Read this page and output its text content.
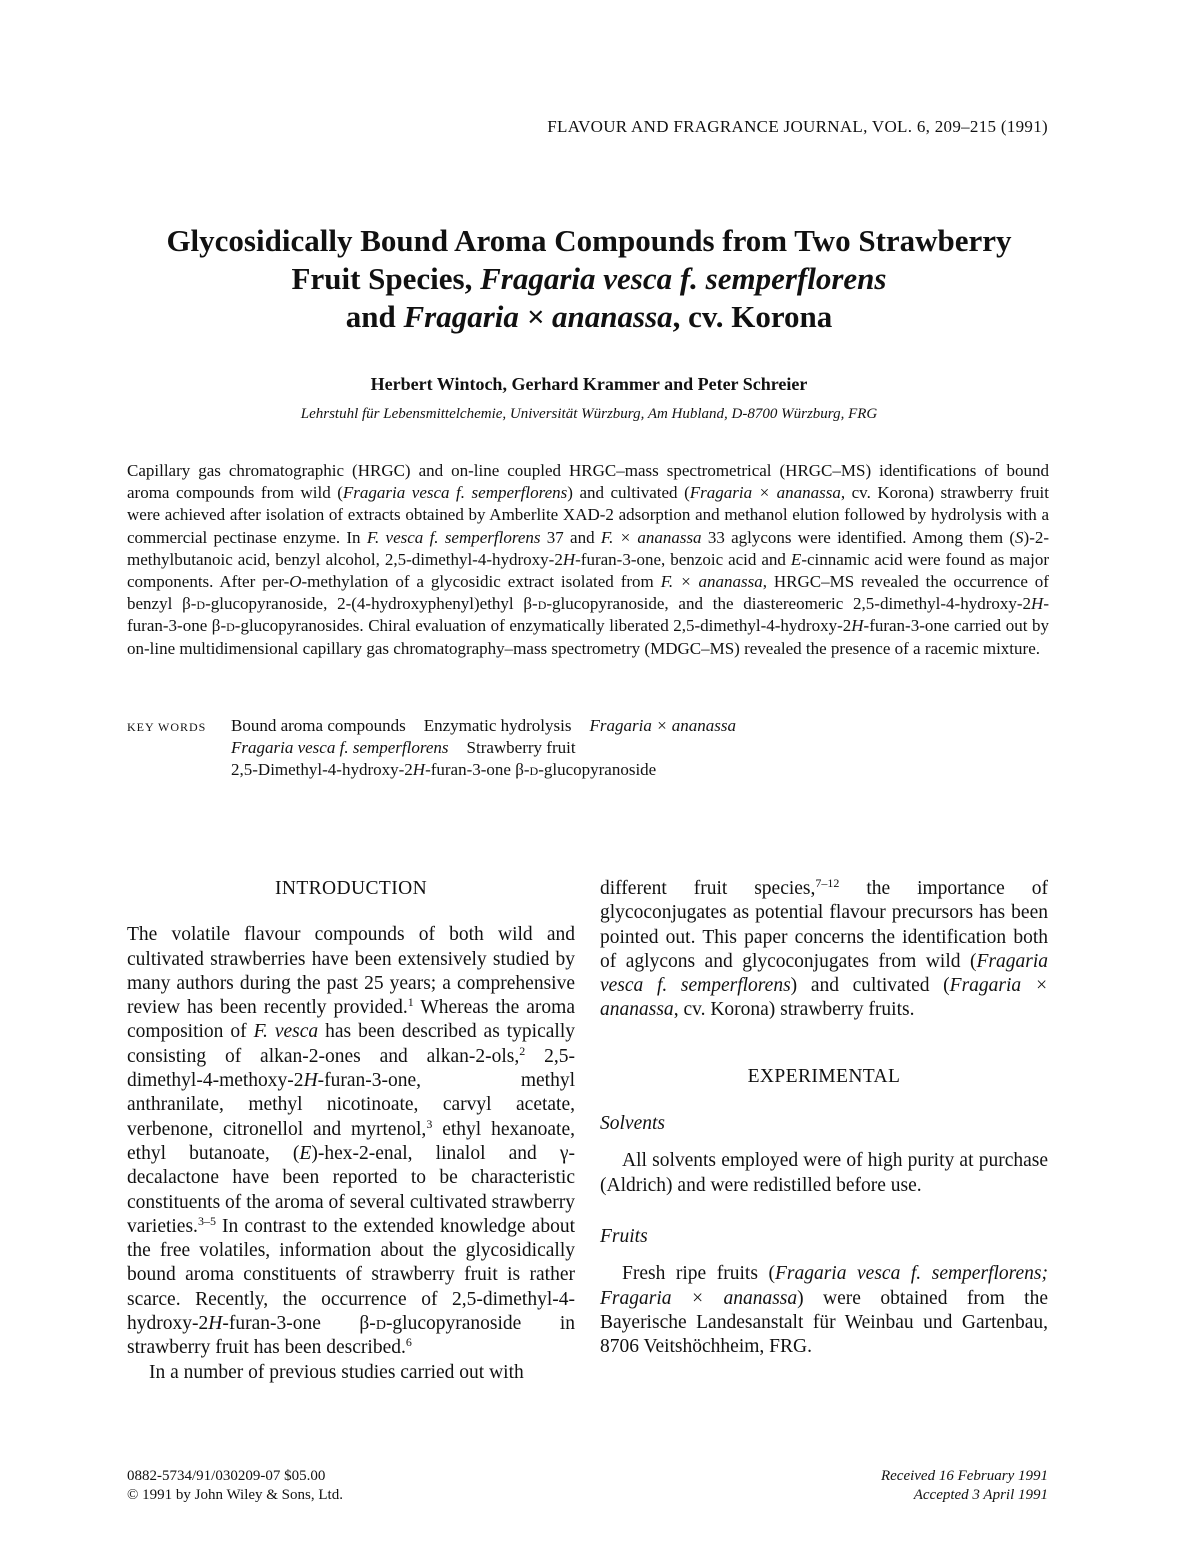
FLAVOUR AND FRAGRANCE JOURNAL, VOL. 6, 209–215 (1991)
Glycosidically Bound Aroma Compounds from Two Strawberry
Fruit Species, Fragaria vesca f. semperflorens
and Fragaria × ananassa, cv. Korona
Herbert Wintoch, Gerhard Krammer and Peter Schreier
Lehrstuhl für Lebensmittelchemie, Universität Würzburg, Am Hubland, D-8700 Würzburg, FRG

Capillary gas chromatographic (HRGC) and on-line coupled HRGC–mass spectrometrical (HRGC–MS) identifications of bound aroma compounds from wild (Fragaria vesca f. semperflorens) and cultivated (Fragaria × ananassa, cv. Korona) strawberry fruit were achieved after isolation of extracts obtained by Amberlite XAD-2 adsorption and methanol elution followed by hydrolysis with a commercial pectinase enzyme. In F. vesca f. semperflorens 37 and F. × ananassa 33 aglycons were identified. Among them (S)-2-methylbutanoic acid, benzyl alcohol, 2,5-dimethyl-4-hydroxy-2H-furan-3-one, benzoic acid and E-cinnamic acid were found as major components. After per-O-methylation of a glycosidic extract isolated from F. × ananassa, HRGC–MS revealed the occurrence of benzyl β-d-glucopyranoside, 2-(4-hydroxyphenyl)ethyl β-d-glucopyranoside, and the diastereomeric 2,5-dimethyl-4-hydroxy-2H-furan-3-one β-d-glucopyranosides. Chiral evaluation of enzymatically liberated 2,5-dimethyl-4-hydroxy-2H-furan-3-one carried out by on-line multidimensional capillary gas chromatography–mass spectrometry (MDGC–MS) revealed the presence of a racemic mixture.

KEY WORDS Bound aroma compounds Enzymatic hydrolysis Fragaria × ananassa
Fragaria vesca f. semperflorens Strawberry fruit
2,5-Dimethyl-4-hydroxy-2H-furan-3-one β-d-glucopyranoside
INTRODUCTION

The volatile flavour compounds of both wild and cultivated strawberries have been extensively studied by many authors during the past 25 years; a comprehensive review has been recently provided.$^1$ Whereas the aroma composition of F. vesca has been described as typically consisting of alkan-2-ones and alkan-2-ols,$^2$ 2,5-dimethyl-4-methoxy-2H-furan-3-one, methyl anthranilate, methyl nicotinoate, carvyl acetate, verbenone, citronellol and myrtenol,$^3$ ethyl hexanoate, ethyl butanoate, (E)-hex-2-enal, linalol and γ-decalactone have been reported to be characteristic constituents of the aroma of several cultivated strawberry varieties.$^{3-5}$ In contrast to the extended knowledge about the free volatiles, information about the glycosidically bound aroma constituents of strawberry fruit is rather scarce. Recently, the occurrence of 2,5-dimethyl-4-hydroxy-2H-furan-3-one β-d-glucopyranoside in strawberry fruit has been described.$^6$

In a number of previous studies carried out with

different fruit species,$^{7-12}$ the importance of glycoconjugates as potential flavour precursors has been pointed out. This paper concerns the identification both of aglycons and glycoconjugates from wild (Fragaria vesca f. semperflorens) and cultivated (Fragaria × ananassa, cv. Korona) strawberry fruits.

EXPERIMENTAL

Solvents

All solvents employed were of high purity at purchase (Aldrich) and were redistilled before use.

Fruits

Fresh ripe fruits (Fragaria vesca f. semperflorens; Fragaria × ananassa) were obtained from the Bayerische Landesanstalt für Weinbau und Gartenbau, 8706 Veitshöchheim, FRG.

0882-5734/91/030209-07 $05.00
© 1991 by John Wiley & Sons, Ltd.
Received 16 February 1991
Accepted 3 April 1991
